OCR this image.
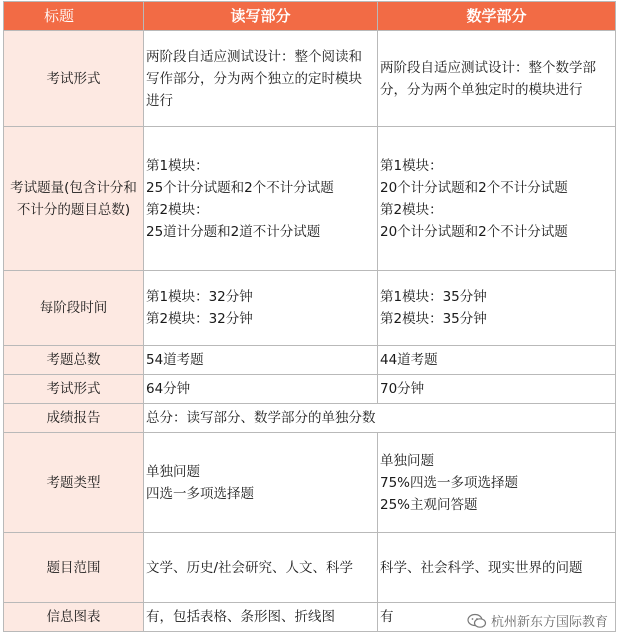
标题	读写部分	数学部分
考试形式	两阶段自适应测试设计：整个阅读和写作部分，分为两个独立的定时模块进行	两阶段自适应测试设计：整个数学部分，分为两个单独定时的模块进行
考试题量(包含计分和不计分的题目总数)	第1模块：
25个计分试题和2个不计分试题
第2模块：
25道计分题和2道不计分试题	第1模块：
20个计分试题和2个不计分试题
第2模块：
20个计分试题和2个不计分试题

每阶段时间	第1模块：32分钟
第2模块：32分钟	第1模块：35分钟
第2模块：35分钟

考题总数	54道考题	44道考题
考试形式	64分钟	70分钟
成绩报告	总分：读写部分、数学部分的单独分数	
考题类型	单独问题
四选一多项选择题	单独问题
75%四选一多项选择题
25%主观问答题

题目范围	文学、历史/社会研究、人文、科学	科学、社会科学、现实世界的问题
信息图表	有，包括表格、条形图、折线图	有	杭州新东方国际教育
